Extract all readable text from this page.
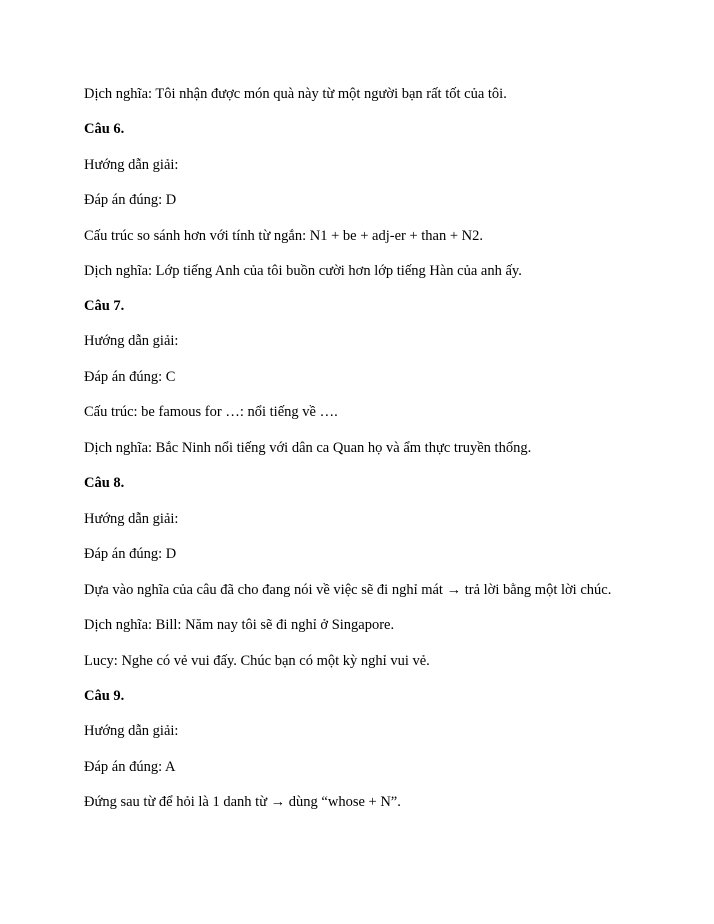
Dịch nghĩa: Tôi nhận được món quà này từ một người bạn rất tốt của tôi.
Câu 6.
Hướng dẫn giải:
Đáp án đúng: D
Cấu trúc so sánh hơn với tính từ ngắn: N1 + be + adj-er + than + N2.
Dịch nghĩa: Lớp tiếng Anh của tôi buồn cười hơn lớp tiếng Hàn của anh ấy.
Câu 7.
Hướng dẫn giải:
Đáp án đúng: C
Cấu trúc: be famous for …: nổi tiếng về ….
Dịch nghĩa: Bắc Ninh nổi tiếng với dân ca Quan họ và ẩm thực truyền thống.
Câu 8.
Hướng dẫn giải:
Đáp án đúng: D
Dựa vào nghĩa của câu đã cho đang nói về việc sẽ đi nghỉ mát → trả lời bằng một lời chúc.
Dịch nghĩa: Bill: Năm nay tôi sẽ đi nghỉ ở Singapore.
Lucy: Nghe có vẻ vui đấy. Chúc bạn có một kỳ nghỉ vui vẻ.
Câu 9.
Hướng dẫn giải:
Đáp án đúng: A
Đứng sau từ để hỏi là 1 danh từ → dùng “whose + N”.
